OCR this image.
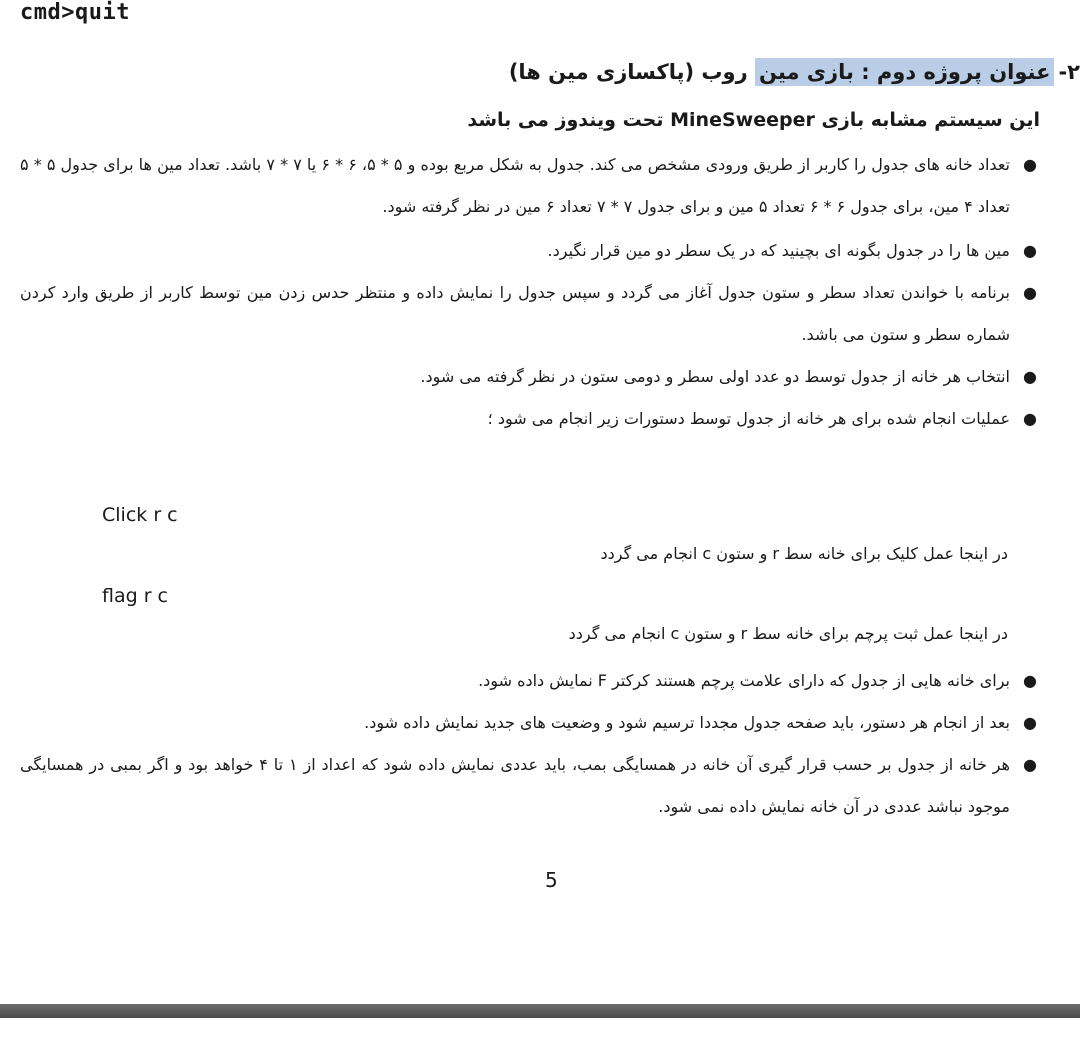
cmd>quit
۲-عنوان پروژه دوم : بازی مین روب (پاکسازی مین ها)
این سیستم مشابه بازی MineSweeper تحت ویندوز می باشد
●
تعداد خانه های جدول را کاربر از طریق ورودی مشخص می کند. جدول به شکل مربع بوده و ۵ * ۵، ۶ * ۶ یا ۷ * ۷ باشد. تعداد مین ها برای جدول ۵ * ۵ تعداد ۴ مین، برای جدول ۶ * ۶ تعداد ۵ مین و برای جدول ۷ * ۷ تعداد ۶ مین در نظر گرفته شود.
●
مین ها را در جدول بگونه ای بچینید که در یک سطر دو مین قرار نگیرد.
●
برنامه با خواندن تعداد سطر و ستون جدول آغاز می گردد و سپس جدول را نمایش داده و منتظر حدس زدن مین توسط کاربر از طریق وارد کردن شماره سطر و ستون می باشد.
●
انتخاب هر خانه از جدول توسط دو عدد اولی سطر و دومی ستون در نظر گرفته می شود.
●
عملیات انجام شده برای هر خانه از جدول توسط دستورات زیر انجام می شود ؛
Click r c
در اینجا عمل کلیک برای خانه سط r و ستون c انجام می گردد
flag r c
در اینجا عمل ثبت پرچم برای خانه سط r و ستون c انجام می گردد
●
برای خانه هایی از جدول که دارای علامت پرچم هستند کرکتر F نمایش داده شود.
●
بعد از انجام هر دستور، باید صفحه جدول مجددا ترسیم شود و وضعیت های جدید نمایش داده شود.
●
هر خانه از جدول بر حسب قرار گیری آن خانه در همسایگی بمب، باید عددی نمایش داده شود که اعداد از ۱ تا ۴ خواهد بود و اگر بمبی در همسایگی موجود نباشد عددی در آن خانه نمایش داده نمی شود.
5
